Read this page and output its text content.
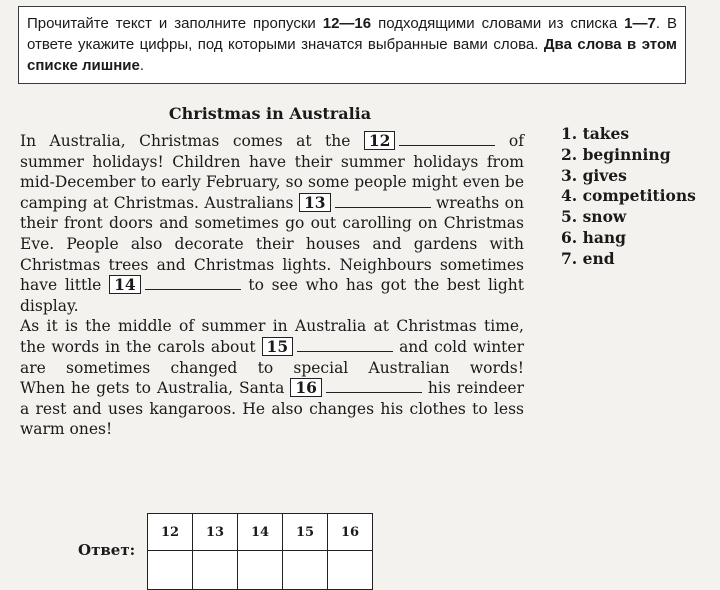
Прочитайте текст и заполните пропуски 12—16 подходящими словами из списка 1—7. В ответе укажите цифры, под которыми значатся выбранные вами слова. Два слова в этом списке лишние.
Christmas in Australia
In Australia, Christmas comes at the 12	of summer holidays! Children have their summer holidays from mid-December to early February, so some people might even be camping at Christmas. Australians 13	wreaths on their front doors and sometimes go out carolling on Christmas Eve. People also decorate their houses and gardens with Christmas trees and Christmas lights. Neighbours sometimes have little 14	to see who has got the best light display.
As it is the middle of summer in Australia at Christmas time, the words in the carols about 15	and cold winter are sometimes changed to special Australian words!
When he gets to Australia, Santa 16	his reindeer a rest and uses kangaroos. He also changes his clothes to less warm ones!
1. takes
2. beginning
3. gives
4. competitions
5. snow
6. hang
7. end
Ответ:
12	13	14	15	16
